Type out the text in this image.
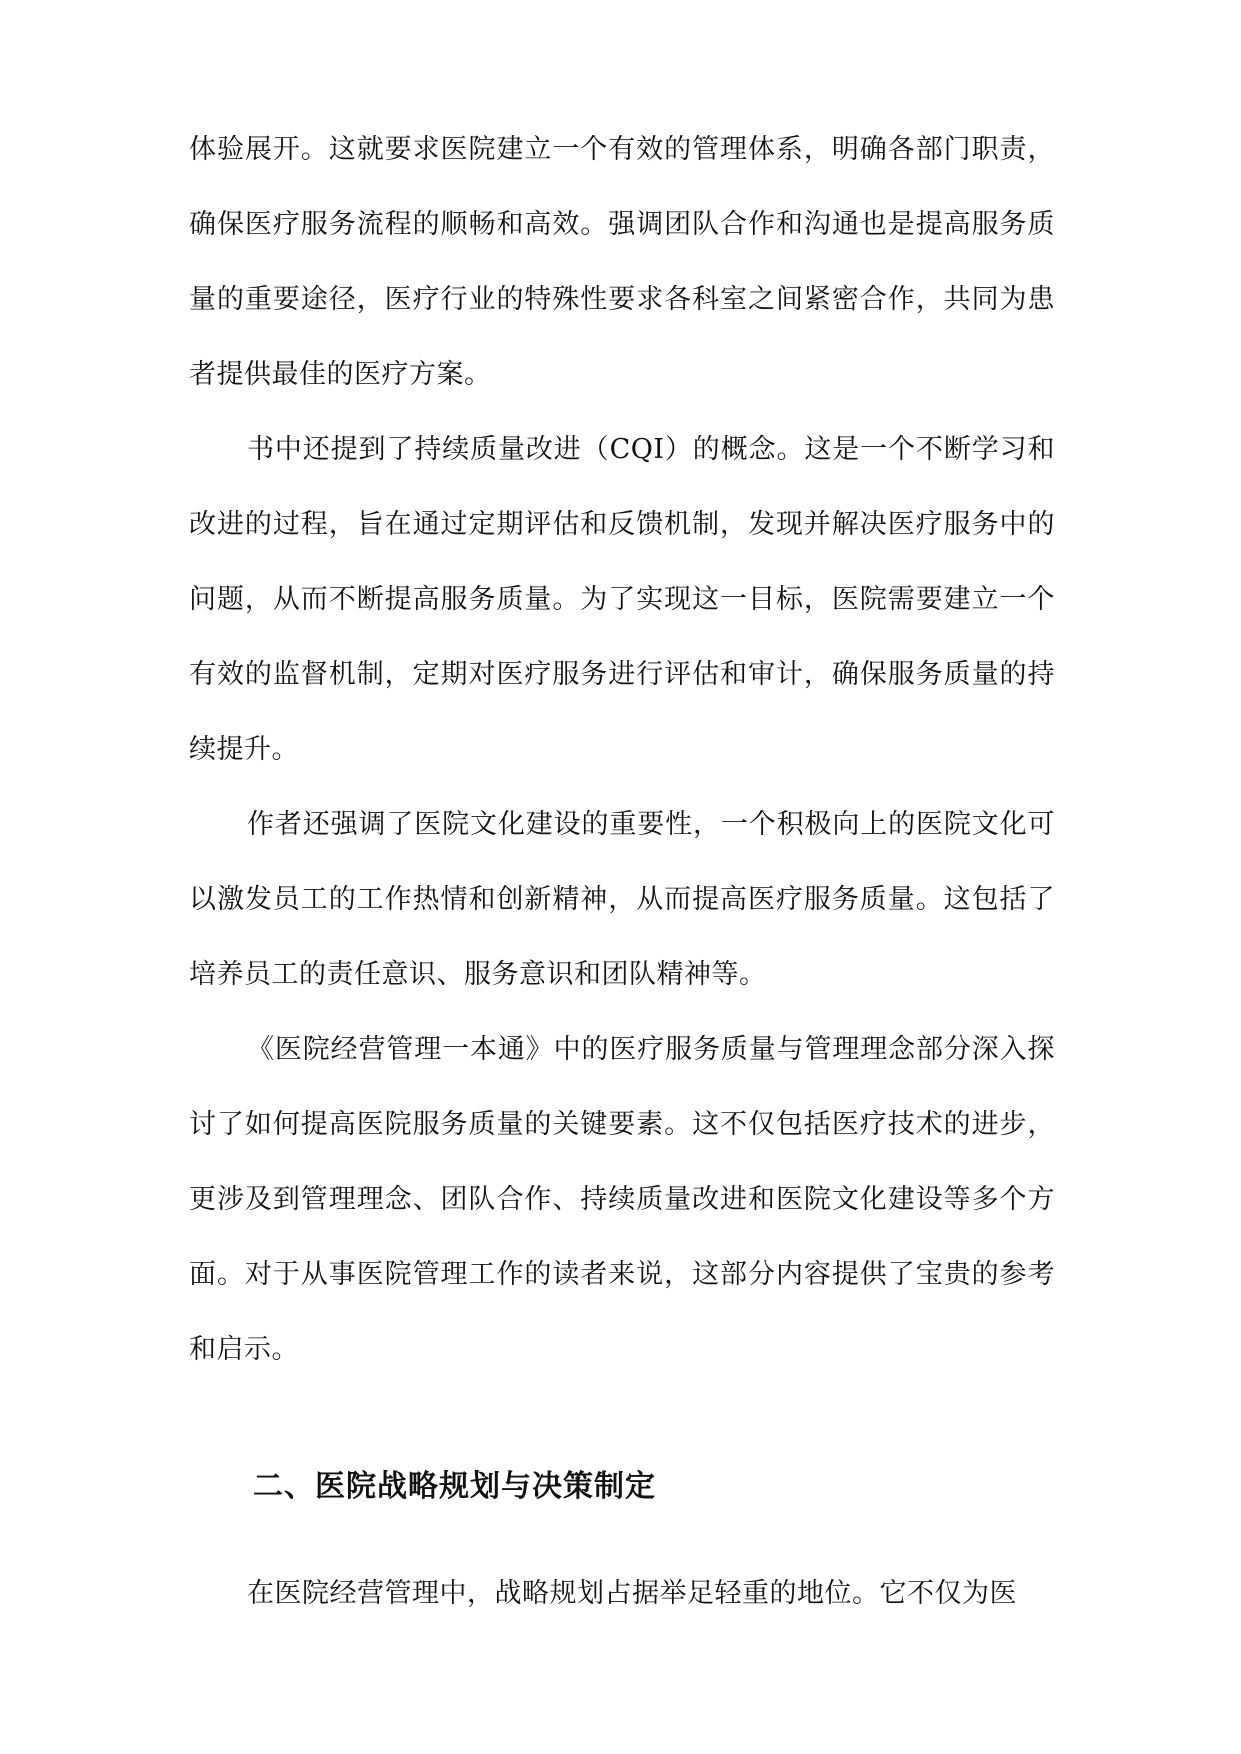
体验展开。这就要求医院建立一个有效的管理体系，明确各部门职责，确保医疗服务流程的顺畅和高效。强调团队合作和沟通也是提高服务质量的重要途径，医疗行业的特殊性要求各科室之间紧密合作，共同为患者提供最佳的医疗方案。

书中还提到了持续质量改进（CQI）的概念。这是一个不断学习和改进的过程，旨在通过定期评估和反馈机制，发现并解决医疗服务中的问题，从而不断提高服务质量。为了实现这一目标，医院需要建立一个有效的监督机制，定期对医疗服务进行评估和审计，确保服务质量的持续提升。

作者还强调了医院文化建设的重要性，一个积极向上的医院文化可以激发员工的工作热情和创新精神，从而提高医疗服务质量。这包括了培养员工的责任意识、服务意识和团队精神等。

《医院经营管理一本通》中的医疗服务质量与管理理念部分深入探讨了如何提高医院服务质量的关键要素。这不仅包括医疗技术的进步，更涉及到管理理念、团队合作、持续质量改进和医院文化建设等多个方面。对于从事医院管理工作的读者来说，这部分内容提供了宝贵的参考和启示。

二、医院战略规划与决策制定

在医院经营管理中，战略规划占据举足轻重的地位。它不仅为医
